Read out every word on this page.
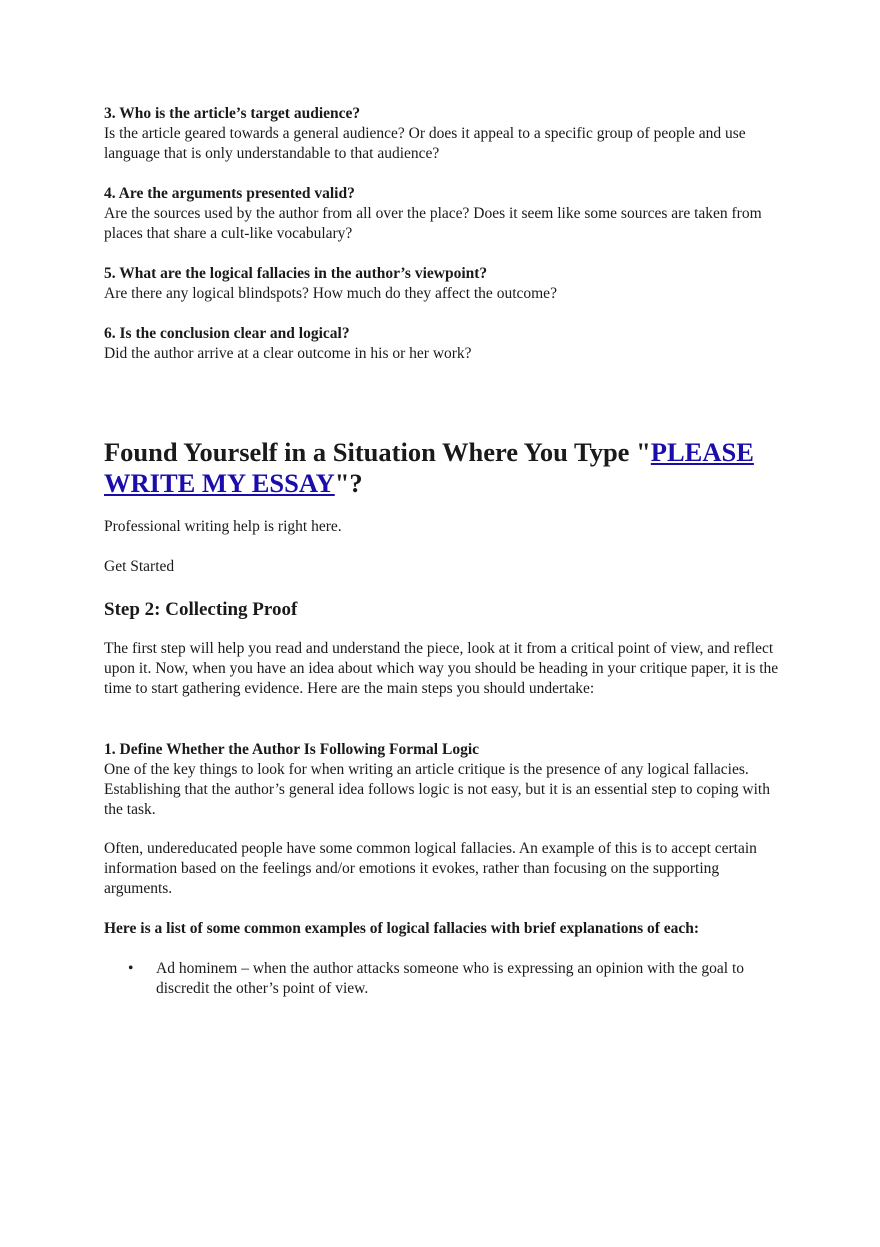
3. Who is the article’s target audience?

Is the article geared towards a general audience? Or does it appeal to a specific group of people and use language that is only understandable to that audience?

4. Are the arguments presented valid?

Are the sources used by the author from all over the place? Does it seem like some sources are taken from places that share a cult-like vocabulary?

5. What are the logical fallacies in the author’s viewpoint?

Are there any logical blindspots? How much do they affect the outcome?

6. Is the conclusion clear and logical?

Did the author arrive at a clear outcome in his or her work?

Found Yourself in a Situation Where You Type "PLEASE WRITE MY ESSAY"?

Professional writing help is right here.

Get Started

Step 2: Collecting Proof

The first step will help you read and understand the piece, look at it from a critical point of view, and reflect upon it. Now, when you have an idea about which way you should be heading in your critique paper, it is the time to start gathering evidence. Here are the main steps you should undertake:

1. Define Whether the Author Is Following Formal Logic

One of the key things to look for when writing an article critique is the presence of any logical fallacies. Establishing that the author’s general idea follows logic is not easy, but it is an essential step to coping with the task.

Often, undereducated people have some common logical fallacies. An example of this is to accept certain information based on the feelings and/or emotions it evokes, rather than focusing on the supporting arguments.

Here is a list of some common examples of logical fallacies with brief explanations of each:

• Ad hominem – when the author attacks someone who is expressing an opinion with the goal to discredit the other’s point of view.
